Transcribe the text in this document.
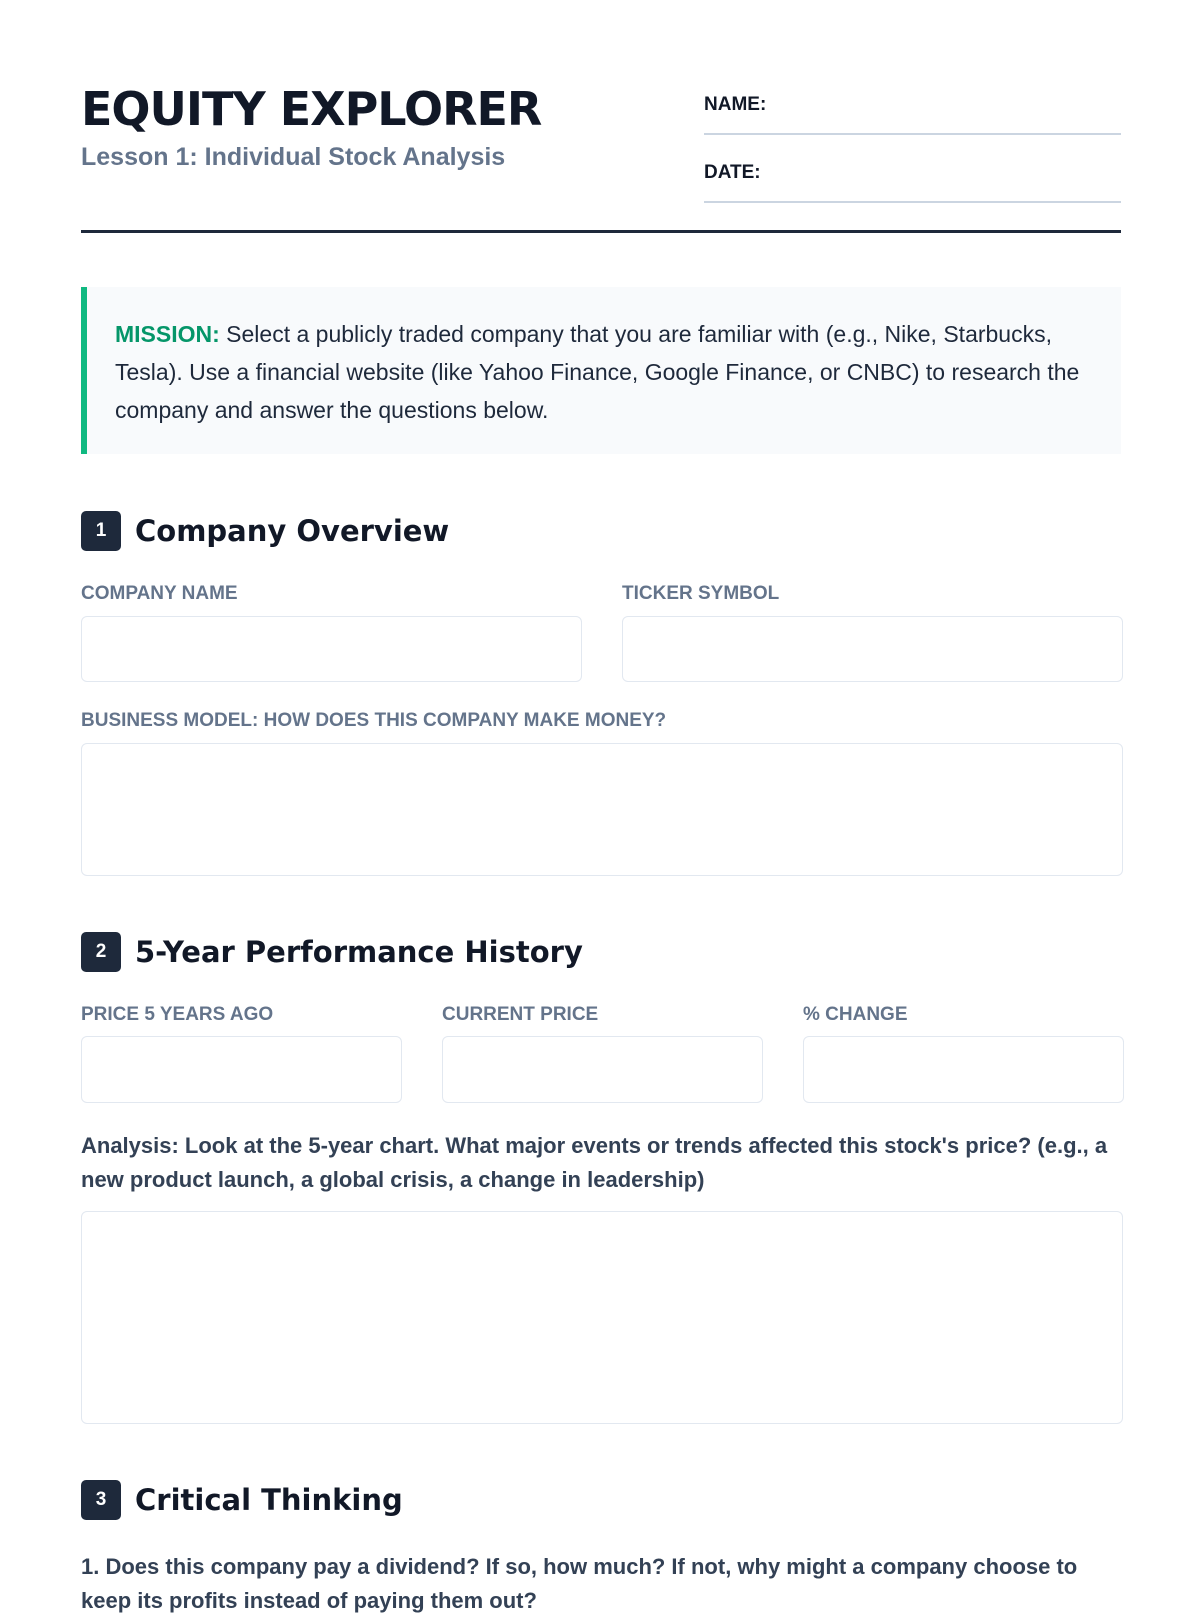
EQUITY EXPLORER
Lesson 1: Individual Stock Analysis
NAME:
DATE:
MISSION: Select a publicly traded company that you are familiar with (e.g., Nike, Starbucks, Tesla). Use a financial website (like Yahoo Finance, Google Finance, or CNBC) to research the company and answer the questions below.
1 Company Overview
COMPANY NAME	TICKER SYMBOL
BUSINESS MODEL: HOW DOES THIS COMPANY MAKE MONEY?
2 5-Year Performance History
PRICE 5 YEARS AGO	CURRENT PRICE	% CHANGE
Analysis: Look at the 5-year chart. What major events or trends affected this stock's price? (e.g., a new product launch, a global crisis, a change in leadership)
3 Critical Thinking
1. Does this company pay a dividend? If so, how much? If not, why might a company choose to keep its profits instead of paying them out?
